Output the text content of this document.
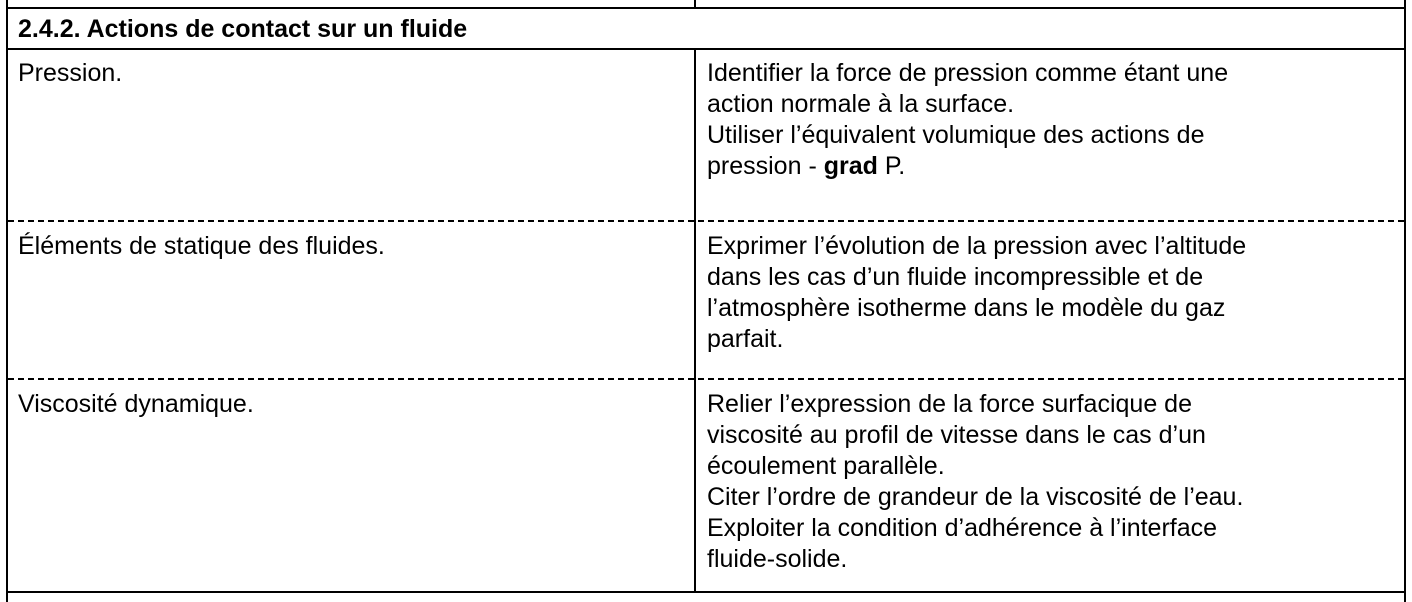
2.4.2. Actions de contact sur un fluide
Pression.	Identifier la force de pression comme étant une
action normale à la surface.
Utiliser l’équivalent volumique des actions de
pression - grad P.
Éléments de statique des fluides.	Exprimer l’évolution de la pression avec l’altitude
dans les cas d’un fluide incompressible et de
l’atmosphère isotherme dans le modèle du gaz
parfait.
Viscosité dynamique.	Relier l’expression de la force surfacique de
viscosité au profil de vitesse dans le cas d’un
écoulement parallèle.
Citer l’ordre de grandeur de la viscosité de l’eau.
Exploiter la condition d’adhérence à l’interface
fluide-solide.
